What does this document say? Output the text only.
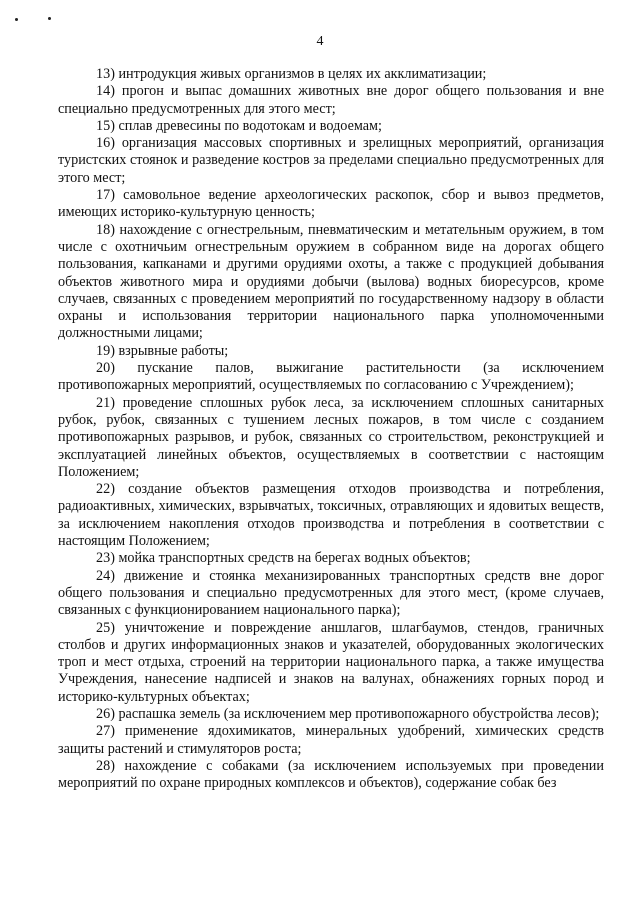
4

13) интродукция живых организмов в целях их акклиматизации;

14) прогон и выпас домашних животных вне дорог общего пользования и вне специально предусмотренных для этого мест;

15) сплав древесины по водотокам и водоемам;

16) организация массовых спортивных и зрелищных мероприятий, организация туристских стоянок и разведение костров за пределами специально предусмотренных для этого мест;

17) самовольное ведение археологических раскопок, сбор и вывоз предметов, имеющих историко-культурную ценность;

18) нахождение с огнестрельным, пневматическим и метательным оружием, в том числе с охотничьим огнестрельным оружием в собранном виде на дорогах общего пользования, капканами и другими орудиями охоты, а также с продукцией добывания объектов животного мира и орудиями добычи (вылова) водных биоресурсов, кроме случаев, связанных с проведением мероприятий по государственному надзору в области охраны и использования территории национального парка уполномоченными должностными лицами;

19) взрывные работы;

20) пускание палов, выжигание растительности (за исключением противопожарных мероприятий, осуществляемых по согласованию с Учреждением);

21) проведение сплошных рубок леса, за исключением сплошных санитарных рубок, рубок, связанных с тушением лесных пожаров, в том числе с созданием противопожарных разрывов, и рубок, связанных со строительством, реконструкцией и эксплуатацией линейных объектов, осуществляемых в соответствии с настоящим Положением;

22) создание объектов размещения отходов производства и потребления, радиоактивных, химических, взрывчатых, токсичных, отравляющих и ядовитых веществ, за исключением накопления отходов производства и потребления в соответствии с настоящим Положением;

23) мойка транспортных средств на берегах водных объектов;

24) движение и стоянка механизированных транспортных средств вне дорог общего пользования и специально предусмотренных для этого мест, (кроме случаев, связанных с функционированием национального парка);

25) уничтожение и повреждение аншлагов, шлагбаумов, стендов, граничных столбов и других информационных знаков и указателей, оборудованных экологических троп и мест отдыха, строений на территории национального парка, а также имущества Учреждения, нанесение надписей и знаков на валунах, обнажениях горных пород и историко-культурных объектах;

26) распашка земель (за исключением мер противопожарного обустройства лесов);

27) применение ядохимикатов, минеральных удобрений, химических средств защиты растений и стимуляторов роста;

28) нахождение с собаками (за исключением используемых при проведении мероприятий по охране природных комплексов и объектов), содержание собак без
